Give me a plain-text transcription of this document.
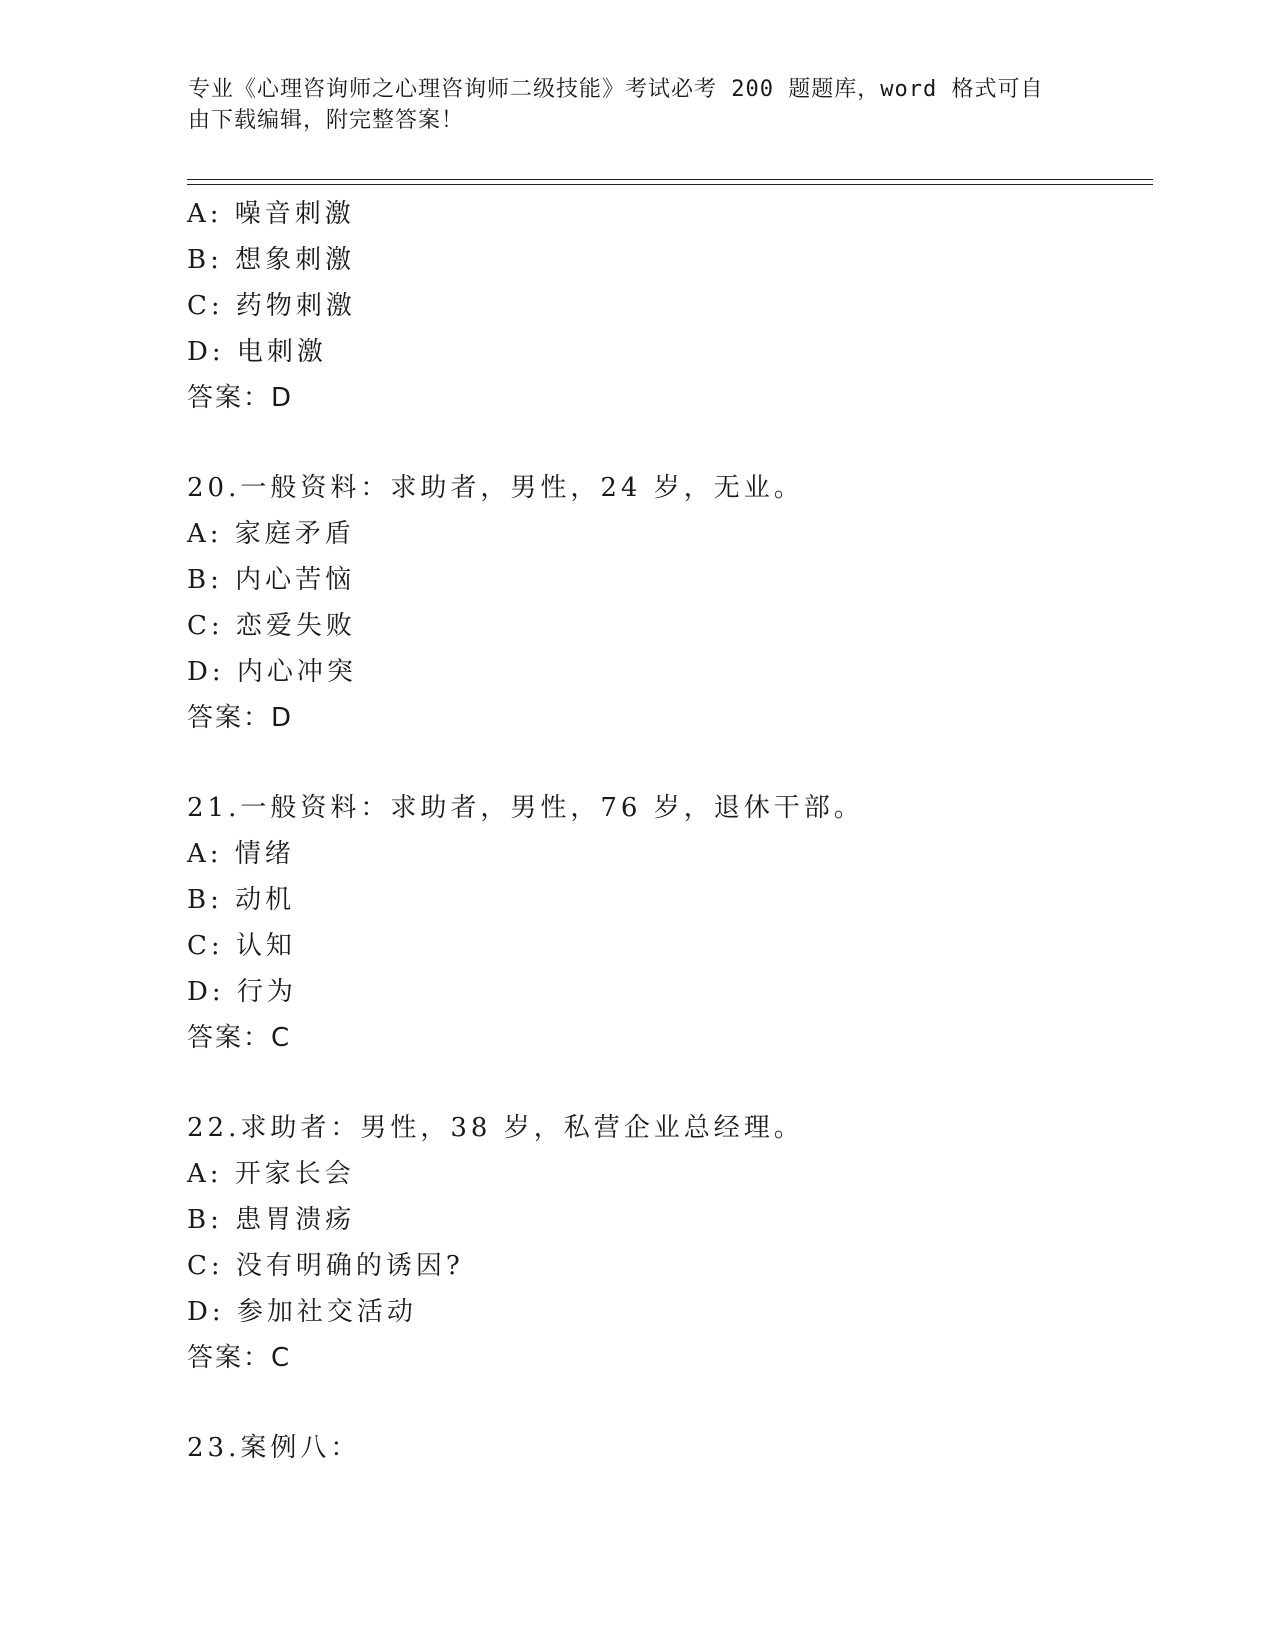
专业《心理咨询师之心理咨询师二级技能》考试必考 200 题题库，word 格式可自
由下载编辑，附完整答案！
A: 噪音刺激
B: 想象刺激
C: 药物刺激
D: 电刺激
答案：D
20.一般资料：求助者，男性，24 岁，无业。
A: 家庭矛盾
B: 内心苦恼
C: 恋爱失败
D: 内心冲突
答案：D
21.一般资料：求助者，男性，76 岁，退休干部。
A: 情绪
B: 动机
C: 认知
D: 行为
答案：C
22.求助者：男性，38 岁，私营企业总经理。
A: 开家长会
B: 患胃溃疡
C: 没有明确的诱因?
D: 参加社交活动
答案：C
23.案例八：
